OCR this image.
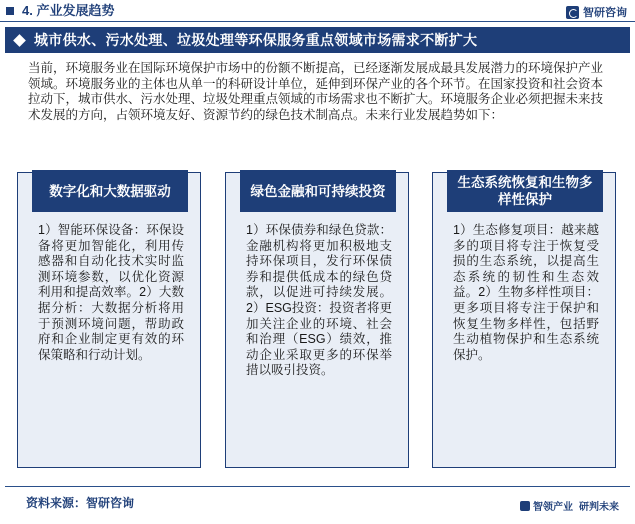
4. 产业发展趋势	智研咨询
城市供水、污水处理、垃圾处理等环保服务重点领域市场需求不断扩大
当前，环境服务业在国际环境保护市场中的份额不断提高，已经逐渐发展成最具发展潜力的环境保护产业领域。环境服务业的主体也从单一的科研设计单位，延伸到环保产业的各个环节。在国家投资和社会资本拉动下，城市供水、污水处理、垃圾处理重点领域的市场需求也不断扩大。环境服务企业必须把握未来技术发展的方向，占领环境友好、资源节约的绿色技术制高点。未来行业发展趋势如下：
数字化和大数据驱动
1）智能环保设备：环保设备将更加智能化，利用传感器和自动化技术实时监测环境参数，以优化资源利用和提高效率。2）大数据分析：大数据分析将用于预测环境问题，帮助政府和企业制定更有效的环保策略和行动计划。
绿色金融和可持续投资
1）环保债券和绿色贷款：金融机构将更加积极地支持环保项目，发行环保债券和提供低成本的绿色贷款，以促进可持续发展。2）ESG投资：投资者将更加关注企业的环境、社会和治理（ESG）绩效，推动企业采取更多的环保举措以吸引投资。
生态系统恢复和生物多样性保护
1）生态修复项目：越来越多的项目将专注于恢复受损的生态系统，以提高生态系统的韧性和生态效益。2）生物多样性项目：更多项目将专注于保护和恢复生物多样性，包括野生动植物保护和生态系统保护。
资料来源：智研咨询	智领产业 研判未来
